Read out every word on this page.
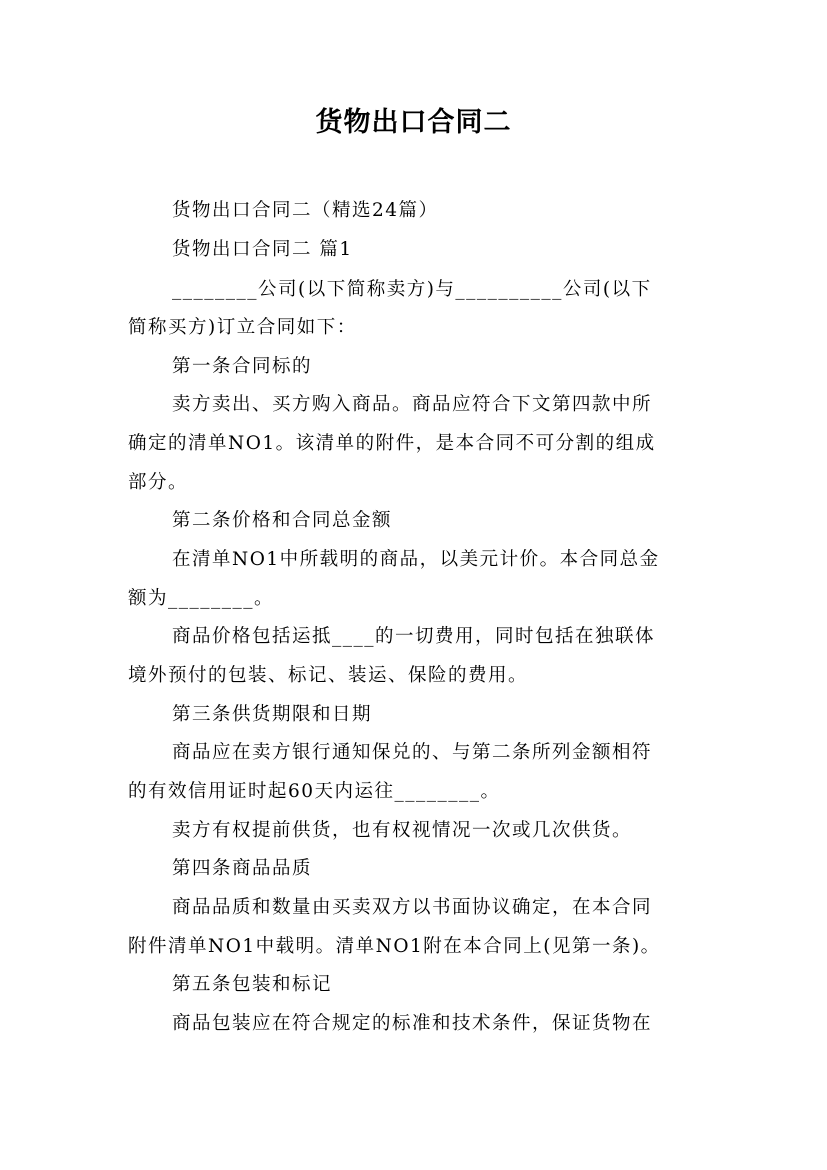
货物出口合同二
货物出口合同二（精选24篇）
货物出口合同二 篇1
________公司(以下简称卖方)与__________公司(以下
简称买方)订立合同如下：
第一条合同标的
卖方卖出、买方购入商品。商品应符合下文第四款中所
确定的清单NO1。该清单的附件，是本合同不可分割的组成
部分。
第二条价格和合同总金额
在清单NO1中所载明的商品，以美元计价。本合同总金
额为________。
商品价格包括运抵____的一切费用，同时包括在独联体
境外预付的包装、标记、装运、保险的费用。
第三条供货期限和日期
商品应在卖方银行通知保兑的、与第二条所列金额相符
的有效信用证时起60天内运往________。
卖方有权提前供货，也有权视情况一次或几次供货。
第四条商品品质
商品品质和数量由买卖双方以书面协议确定，在本合同
附件清单NO1中载明。清单NO1附在本合同上(见第一条)。
第五条包装和标记
商品包装应在符合规定的标准和技术条件，保证货物在
